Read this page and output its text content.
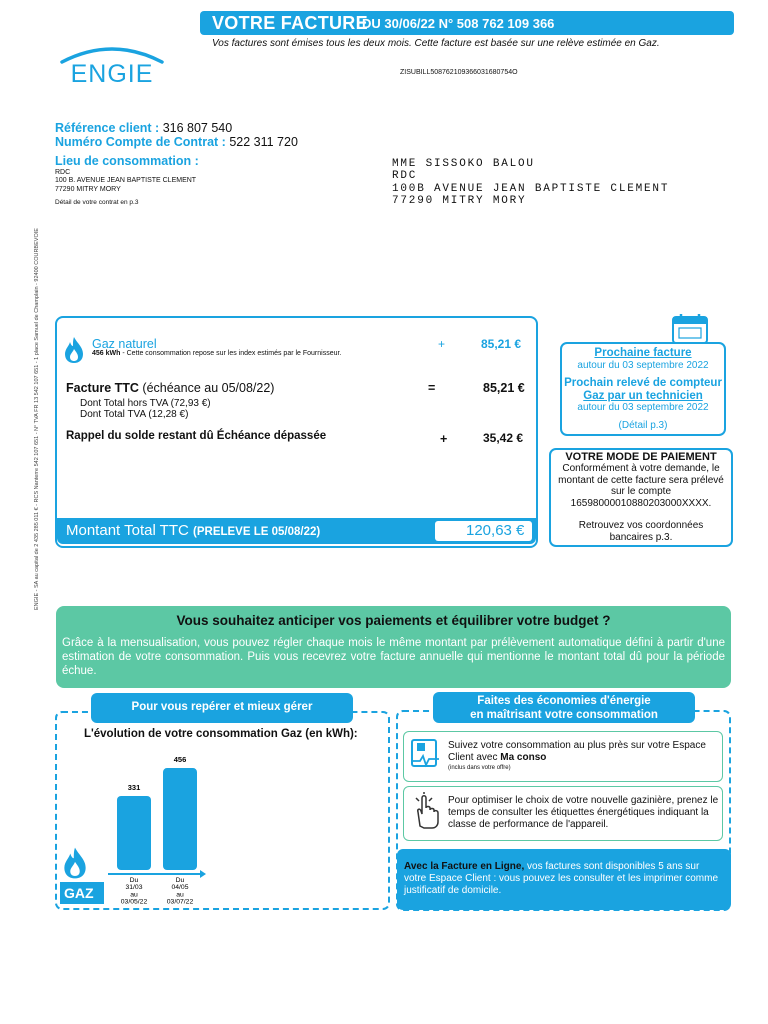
VOTRE FACTURE
DU 30/06/22 N° 508 762 109 366
Vos factures sont émises tous les deux mois. Cette facture est basée sur une relève estimée en Gaz.
ENGIE	ZISUBILL508762109366031680754O
Référence client : 316 807 540
Numéro Compte de Contrat : 522 311 720
Lieu de consommation :
RDC
100 B. AVENUE JEAN BAPTISTE CLEMENT
77290 MITRY MORY
Détail de votre contrat en p.3
MME SISSOKO BALOU
RDC
100B AVENUE JEAN BAPTISTE CLEMENT
77290 MITRY MORY
ENGIE - SA au capital de 2 435 285 011 € - RCS Nanterre 542 107 651 - N° TVA FR 13 542 107 651 - 1 place Samuel de Champlain - 92400 COURBEVOIE	Gaz naturel
456 kWh - Cette consommation repose sur les index estimés par le Fournisseur.
+	85,21 €
Facture TTC (échéance au 05/08/22)	=	85,21 €
Dont Total hors TVA (72,93 €)
Dont Total TVA (12,28 €)
Rappel du solde restant dû Échéance dépassée	+	35,42 €
Montant Total TTC (PRELEVE LE 05/08/22)	120,63 €
Prochaine facture
autour du 03 septembre 2022
Prochain relevé de compteur
Gaz par un technicien
autour du 03 septembre 2022
(Détail p.3)
VOTRE MODE DE PAIEMENT
Conformément à votre demande, le montant de cette facture sera prélevé sur le compte 16598000010880203000XXXX.
Retrouvez vos coordonnées bancaires p.3.
Vous souhaitez anticiper vos paiements et équilibrer votre budget ?
Grâce à la mensualisation, vous pouvez régler chaque mois le même montant par prélèvement automatique défini à partir d'une estimation de votre consommation. Puis vous recevrez votre facture annuelle qui mentionne le montant total dû pour la période échue.
Pour vous repérer et mieux gérer
L'évolution de votre consommation Gaz (en kWh):
331
Du
31/03
au
03/05/22
456
Du
04/05
au
03/07/22
GAZ
Faites des économies d'énergie
en maîtrisant votre consommation
Suivez votre consommation au plus près sur votre Espace Client avec Ma conso
(inclus dans votre offre)
Pour optimiser le choix de votre nouvelle gazinière, prenez le temps de consulter les étiquettes énergétiques indiquant la classe de performance de l'appareil.
Avec la Facture en Ligne, vos factures sont disponibles 5 ans sur votre Espace Client : vous pouvez les consulter et les imprimer comme justificatif de domicile.
